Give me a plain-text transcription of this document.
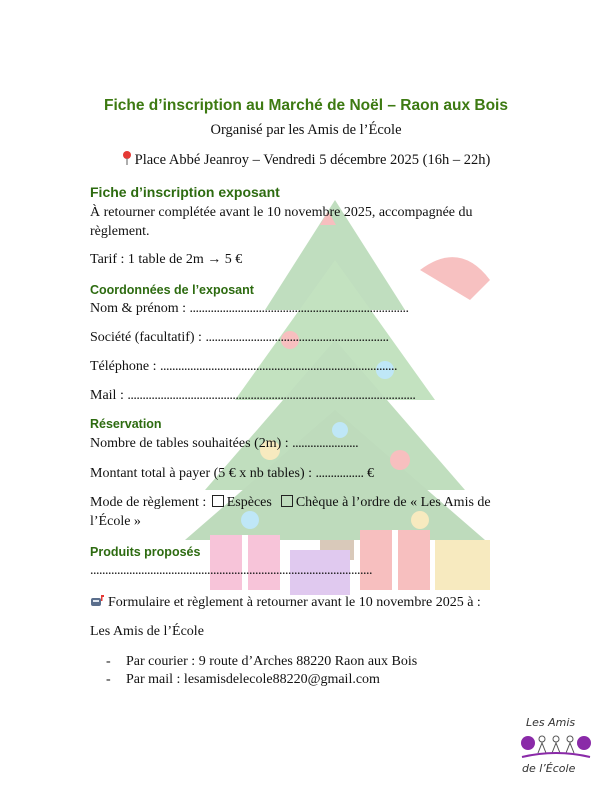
Fiche d’inscription au Marché de Noël – Raon aux Bois
Organisé par les Amis de l’École
Place Abbé Jeanroy – Vendredi 5 décembre 2025 (16h – 22h)
Fiche d’inscription exposant
À retourner complétée avant le 10 novembre 2025, accompagnée du
règlement.
Tarif : 1 table de 2m → 5 €
Coordonnées de l’exposant
Nom & prénom : .........................................................................
Société (facultatif) : .............................................................
Téléphone : ...............................................................................
Mail : ................................................................................................
Réservation
Nombre de tables souhaitées (2m) : ......................
Montant total à payer (5 € x nb tables) : ................ €
Mode de règlement : Espèces Chèque à l’ordre de « Les Amis de
l’École »
Produits proposés
..............................................................................................
Formulaire et règlement à retourner avant le 10 novembre 2025 à :
Les Amis de l’École
- Par courier : 9 route d’Arches 88220 Raon aux Bois
- Par mail : lesamisdelecole88220@gmail.com
Les Amis
de l’École
